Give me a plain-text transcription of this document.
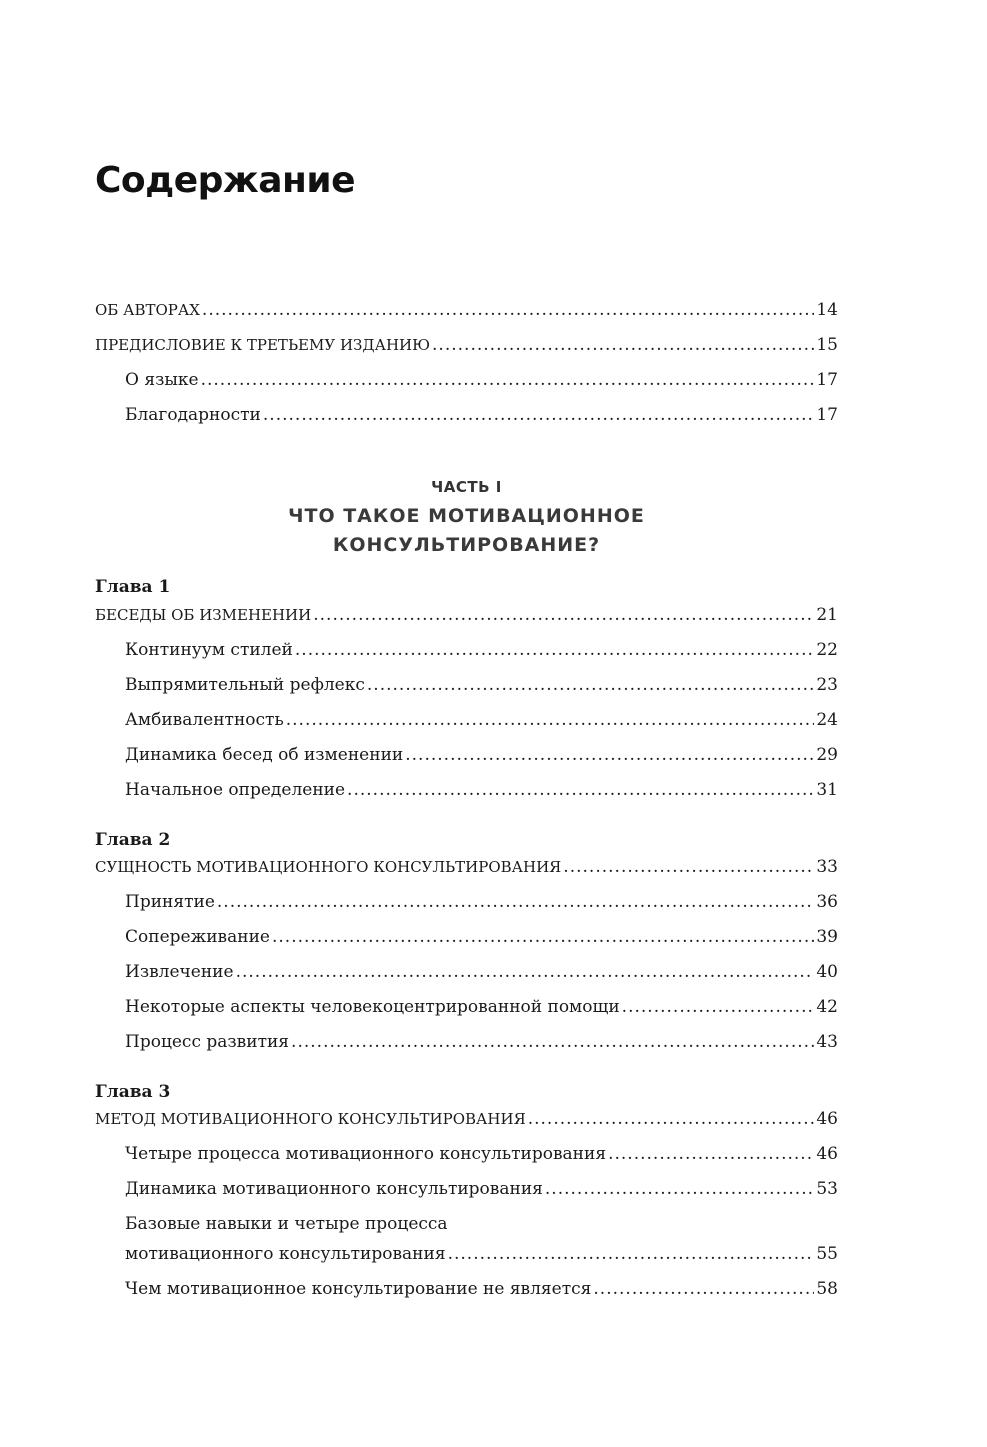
Содержание
ОБ АВТОРАХ . . .	14
ПРЕДИСЛОВИЕ К ТРЕТЬЕМУ ИЗДАНИЮ . . .	15
О языке . . .	17
Благодарности . . .	17
ЧАСТЬ I
ЧТО ТАКОЕ МОТИВАЦИОННОЕ
КОНСУЛЬТИРОВАНИЕ?
Глава 1
БЕСЕДЫ ОБ ИЗМЕНЕНИИ . . .	21
Континуум стилей . . .	22
Выпрямительный рефлекс . . .	23
Амбивалентность . . .	24
Динамика бесед об изменении . . .	29
Начальное определение . . .	31
Глава 2
СУЩНОСТЬ МОТИВАЦИОННОГО КОНСУЛЬТИРОВАНИЯ . . .	33
Принятие . . .	36
Сопереживание . . .	39
Извлечение . . .	40
Некоторые аспекты человекоцентрированной помощи . . .	42
Процесс развития . . .	43
Глава 3
МЕТОД МОТИВАЦИОННОГО КОНСУЛЬТИРОВАНИЯ . . .	46
Четыре процесса мотивационного консультирования . . .	46
Динамика мотивационного консультирования . . .	53
Базовые навыки и четыре процесса
мотивационного консультирования . . .	55
Чем мотивационное консультирование не является . . .	58
